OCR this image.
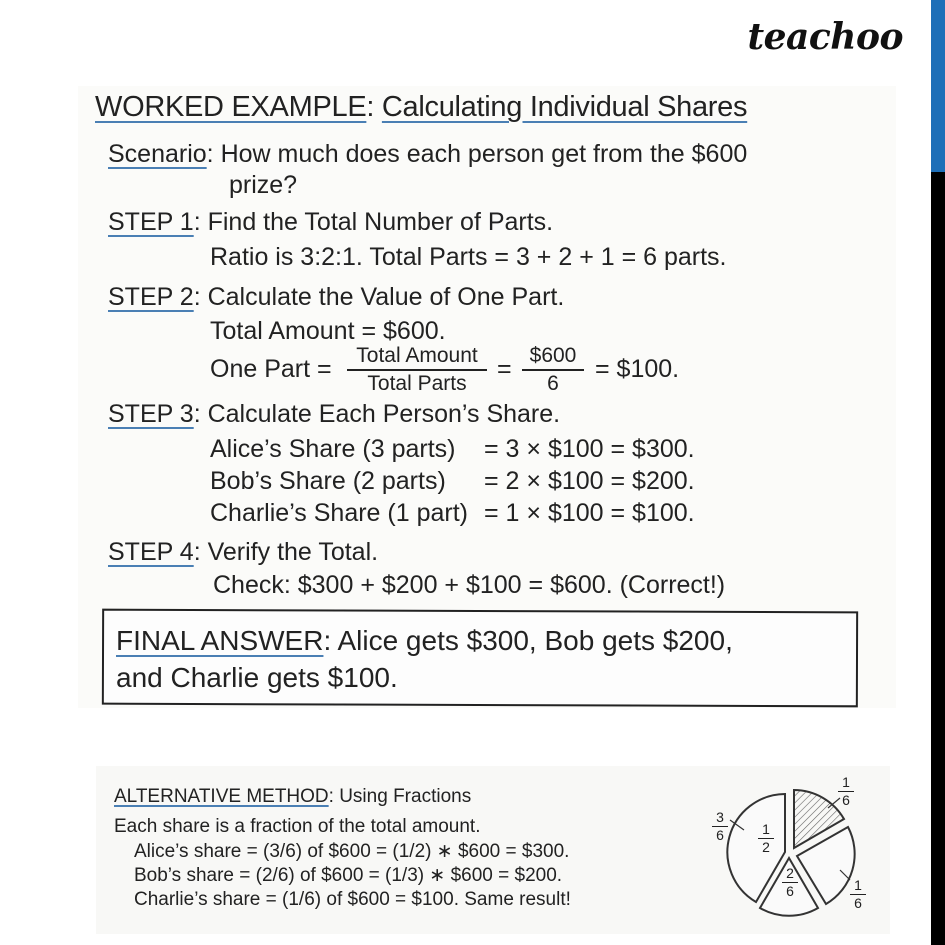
teachoo
WORKED EXAMPLE: Calculating Individual Shares
Scenario: How much does each person get from the $600
prize?
STEP 1: Find the Total Number of Parts.
Ratio is 3:2:1. Total Parts = 3 + 2 + 1 = 6 parts.
STEP 2: Calculate the Value of One Part.
Total Amount = $600.
One Part =	Total Amount
Total Parts
= $600
6
= $100.
STEP 3: Calculate Each Person’s Share.
Alice’s Share (3 parts) = 3 × $100 = $300.
Bob’s Share (2 parts) = 2 × $100 = $200.
Charlie’s Share (1 part) = 1 × $100 = $100.
STEP 4: Verify the Total.
Check: $300 + $200 + $100 = $600. (Correct!)
FINAL ANSWER: Alice gets $300, Bob gets $200,
and Charlie gets $100.
ALTERNATIVE METHOD: Using Fractions
Each share is a fraction of the total amount.
Alice’s share = (3/6) of $600 = (1/2) ∗ $600 = $300.
Bob’s share = (2/6) of $600 = (1/3) ∗ $600 = $200.
Charlie’s share = (1/6) of $600 = $100. Same result!
1
6
3
6	1
2
2
6	1
6
